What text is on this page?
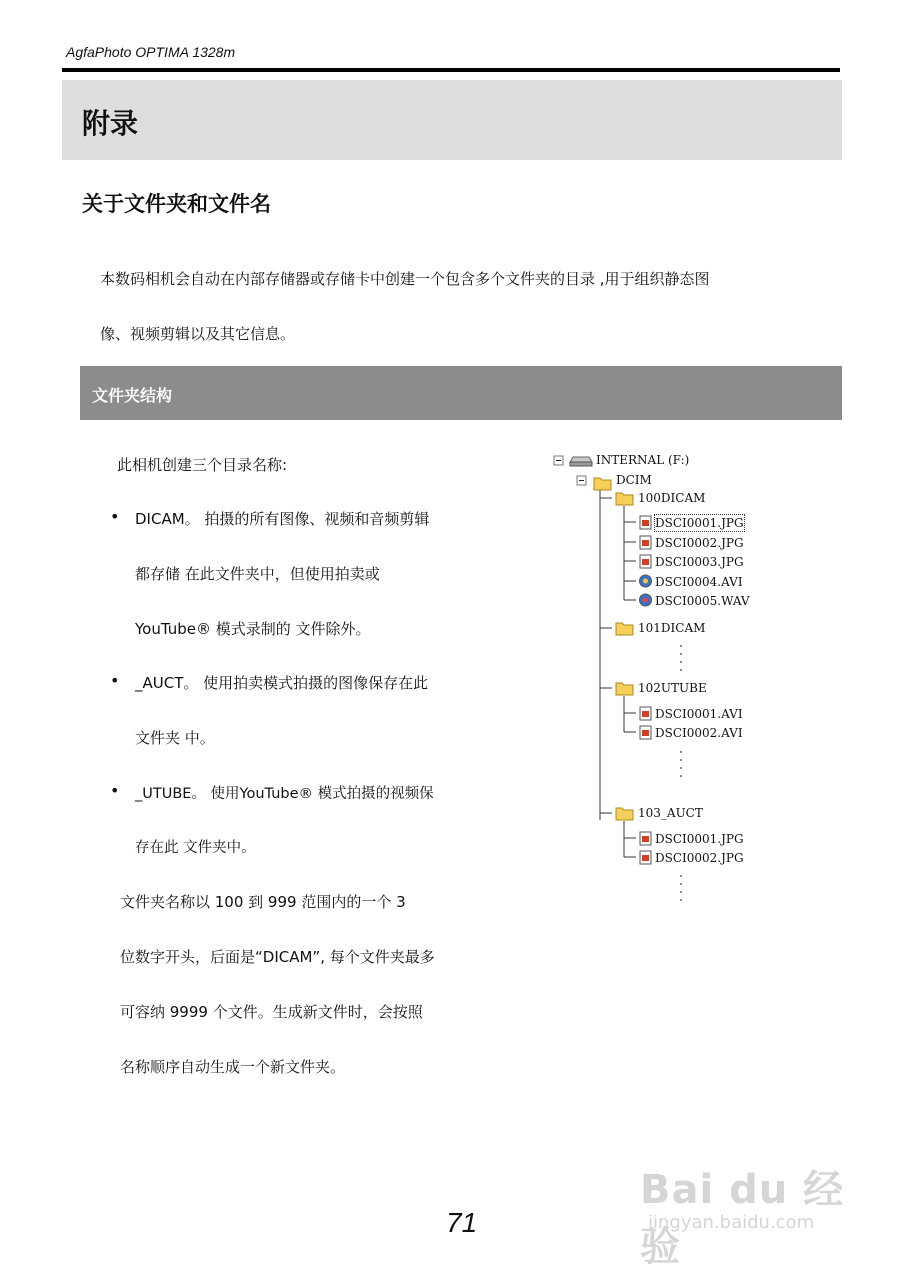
AgfaPhoto OPTIMA 1328m
附录
关于文件夹和文件名
本数码相机会自动在内部存储器或存储卡中创建一个包含多个文件夹的目录 ,用于组织静态图
像、视频剪辑以及其它信息。
文件夹结构
此相机创建三个目录名称:
• DICAM。 拍摄的所有图像、视频和音频剪辑
都存储 在此文件夹中，但使用拍卖或
YouTube® 模式录制的 文件除外。
• _AUCT。 使用拍卖模式拍摄的图像保存在此
文件夹 中。
• _UTUBE。 使用YouTube® 模式拍摄的视频保
存在此 文件夹中。
文件夹名称以 100 到 999 范围内的一个 3
位数字开头，后面是“DICAM”, 每个文件夹最多
可容纳 9999 个文件。生成新文件时，会按照
名称顺序自动生成一个新文件夹。
INTERNAL (F:)
DCIM
100DICAM
DSCI0001.JPG
DSCI0002.JPG
DSCI0003.JPG
DSCI0004.AVI
DSCI0005.WAV
101DICAM
102UTUBE
DSCI0001.AVI
DSCI0002.AVI
103_AUCT
DSCI0001.JPG
DSCI0002.JPG
71
Bai du 经验
jingyan.baidu.com
